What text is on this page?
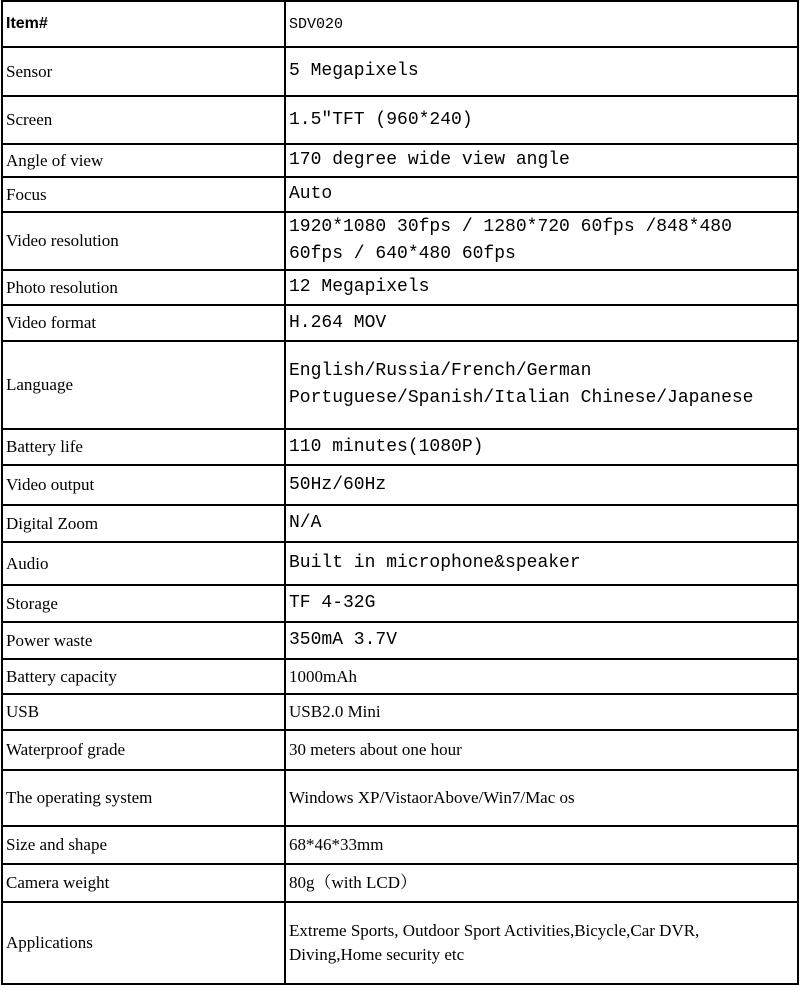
Item#	SDV020
Sensor	5 Megapixels
Screen	1.5″TFT (960*240)
Angle of view	170 degree wide view angle
Focus	Auto
Video resolution	1920*1080 30fps / 1280*720 60fps /848*480
60fps / 640*480 60fps

Photo resolution	12 Megapixels
Video format	H.264 MOV
Language	English/Russia/French/German
Portuguese/Spanish/Italian Chinese/Japanese

Battery life	110 minutes(1080P)
Video output	50Hz/60Hz
Digital Zoom	N/A
Audio	Built in microphone&speaker
Storage	TF 4-32G
Power waste	350mA 3.7V
Battery capacity	1000mAh
USB	USB2.0 Mini
Waterproof grade	30 meters about one hour
The operating system	Windows XP/VistaorAbove/Win7/Mac os
Size and shape	68*46*33mm
Camera weight	80g（with LCD）
Applications	Extreme Sports, Outdoor Sport Activities,Bicycle,Car DVR,
Diving,Home security etc
